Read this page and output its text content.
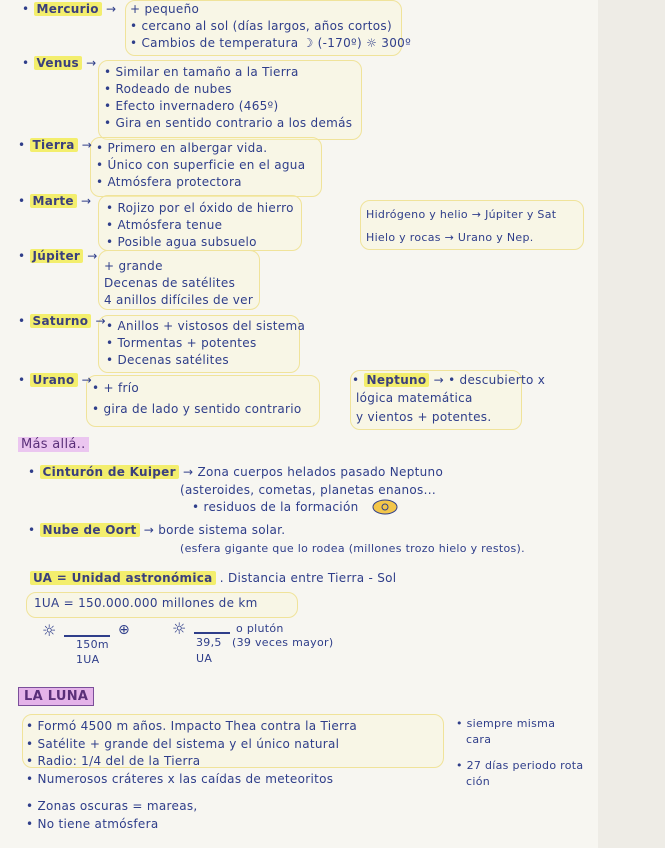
• Mercurio → + pequeño
• cercano al sol (días largos, años cortos)
• Cambios de temperatura ☽ (-170º) ☼ 300º
• Venus →
• Similar en tamaño a la Tierra
• Rodeado de nubes
• Efecto invernadero (465º)
• Gira en sentido contrario a los demás
• Tierra → • Primero en albergar vida.
• Único con superficie en el agua
• Atmósfera protectora
• Marte → • Rojizo por el óxido de hierro
• Atmósfera tenue
• Posible agua subsuelo
Hidrógeno y helio → Júpiter y Sat
Hielo y rocas → Urano y Nep.
• Júpiter →
+ grande
Decenas de satélites
4 anillos difíciles de ver
• Saturno → • Anillos + vistosos del sistema
• Tormentas + potentes
• Decenas satélites
• Urano →
• + frío
• gira de lado y sentido contrario
• Neptuno → • descubierto x
lógica matemática
y vientos + potentes.
Más allá..
• Cinturón de Kuiper → Zona cuerpos helados pasado Neptuno
(asteroides, cometas, planetas enanos...
• residuos de la formación
• Nube de Oort → borde sistema solar.
(esfera gigante que lo rodea (millones trozo hielo y restos).
UA = Unidad astronómica . Distancia entre Tierra - Sol
1UA = 150.000.000 millones de km
☼	⊕
150m
1UA
☼	o plutón
39,5
UA
(39 veces mayor)
LA LUNA
• Formó 4500 m años. Impacto Thea contra la Tierra
• Satélite + grande del sistema y el único natural
• Radio: 1/4 del de la Tierra
• Numerosos cráteres x las caídas de meteoritos
• Zonas oscuras = mareas,
• No tiene atmósfera
• siempre misma
cara
• 27 días periodo rota
ción
